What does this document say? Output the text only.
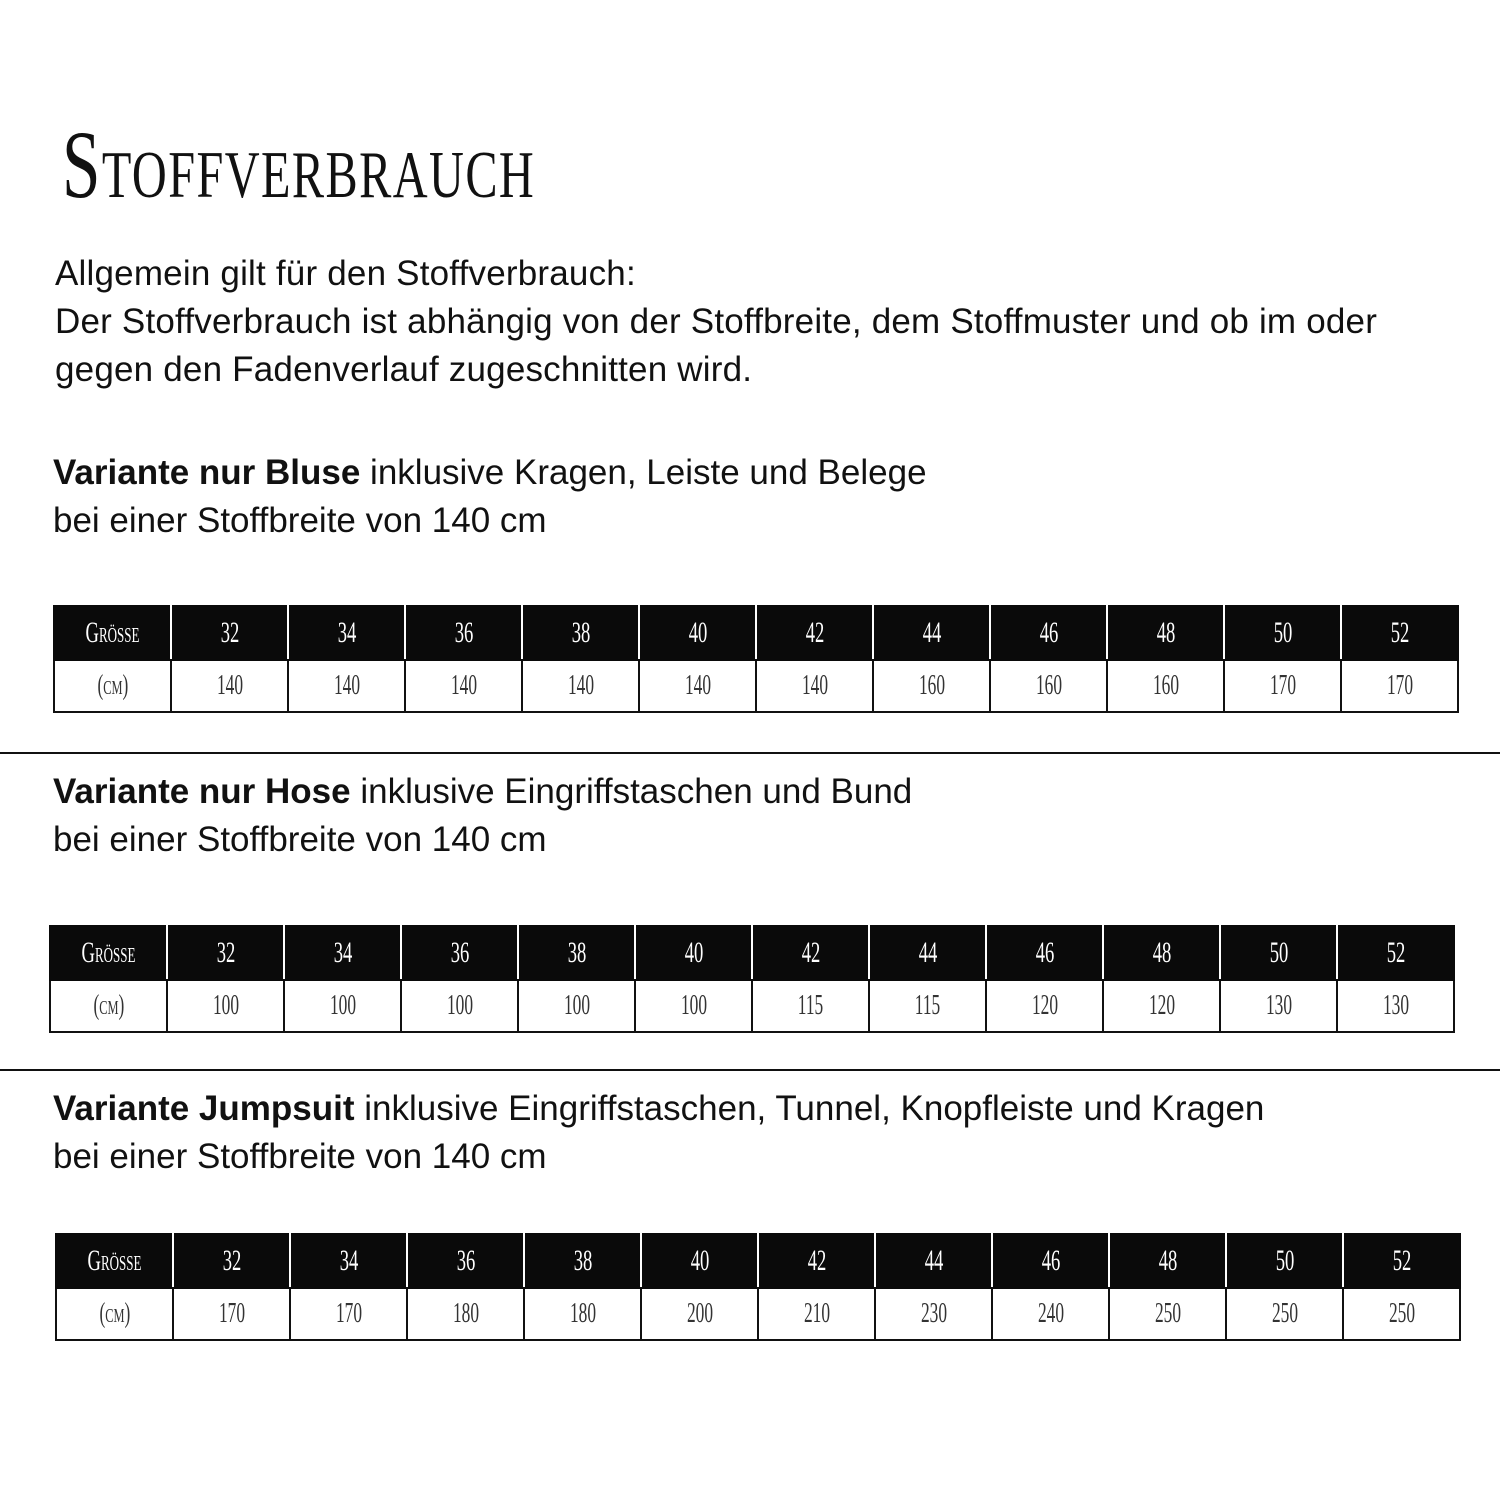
Stoffverbrauch
Allgemein gilt für den Stoffverbrauch:
Der Stoffverbrauch ist abhängig von der Stoffbreite, dem Stoffmuster und ob im oder
gegen den Fadenverlauf zugeschnitten wird.
Variante nur Bluse inklusive Kragen, Leiste und Belege
bei einer Stoffbreite von 140 cm
Größe	32	34	36	38	40	42	44	46	48	50	52
(cm)	140	140	140	140	140	140	160	160	160	170	170
Variante nur Hose inklusive Eingriffstaschen und Bund
bei einer Stoffbreite von 140 cm
Größe	32	34	36	38	40	42	44	46	48	50	52
(cm)	100	100	100	100	100	115	115	120	120	130	130
Variante Jumpsuit inklusive Eingriffstaschen, Tunnel, Knopfleiste und Kragen
bei einer Stoffbreite von 140 cm
Größe	32	34	36	38	40	42	44	46	48	50	52
(cm)	170	170	180	180	200	210	230	240	250	250	250
